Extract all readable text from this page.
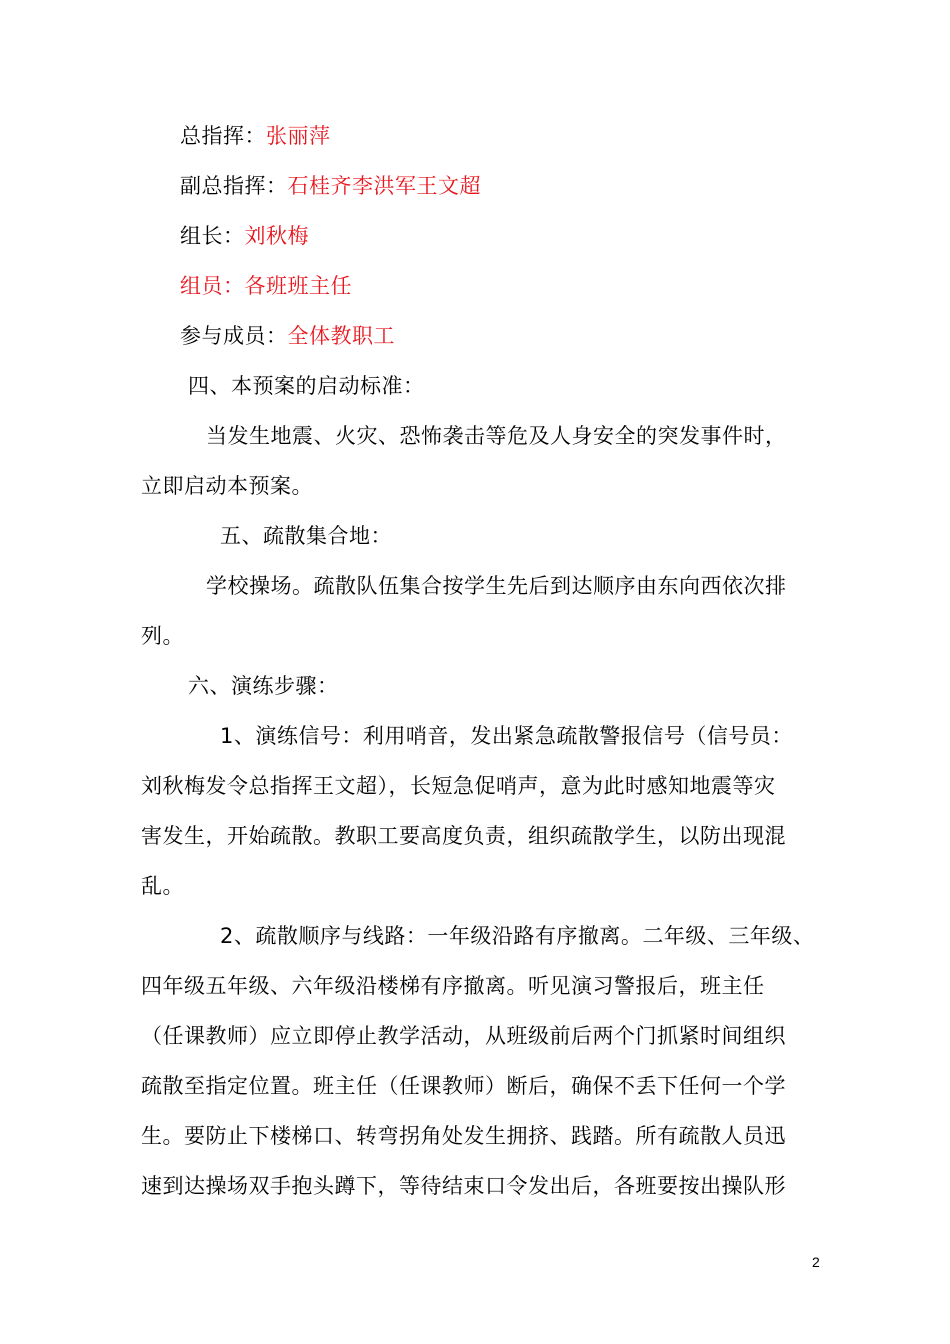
总指挥：张丽萍
副总指挥：石桂齐李洪军王文超
组长：刘秋梅
组员：各班班主任
参与成员：全体教职工
四、本预案的启动标准：
当发生地震、火灾、恐怖袭击等危及人身安全的突发事件时，
立即启动本预案。
五、疏散集合地：
学校操场。疏散队伍集合按学生先后到达顺序由东向西依次排
列。
六、演练步骤：
1、演练信号：利用哨音，发出紧急疏散警报信号（信号员：
刘秋梅发令总指挥王文超），长短急促哨声，意为此时感知地震等灾
害发生，开始疏散。教职工要高度负责，组织疏散学生，以防出现混
乱。
2、疏散顺序与线路：一年级沿路有序撤离。二年级、三年级、
四年级五年级、六年级沿楼梯有序撤离。听见演习警报后，班主任
（任课教师）应立即停止教学活动，从班级前后两个门抓紧时间组织
疏散至指定位置。班主任（任课教师）断后，确保不丢下任何一个学
生。要防止下楼梯口、转弯拐角处发生拥挤、践踏。所有疏散人员迅
速到达操场双手抱头蹲下，等待结束口令发出后，各班要按出操队形
2
